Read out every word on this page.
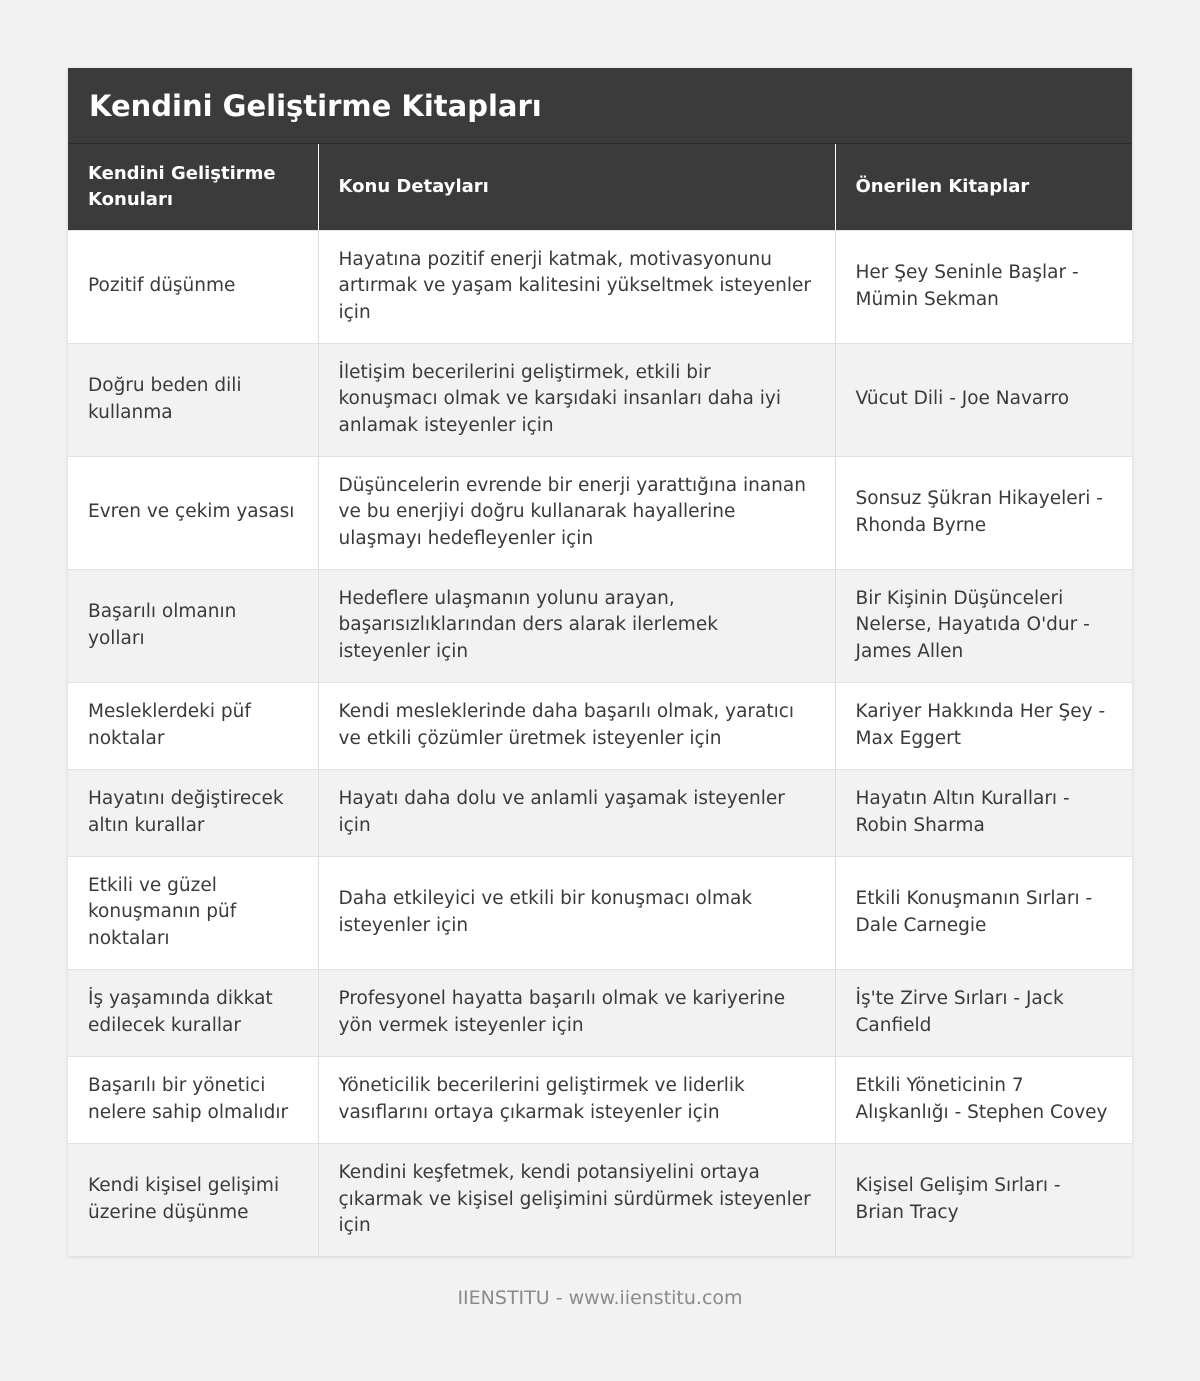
Kendini Geliştirme Kitapları
Kendini Geliştirme Konuları	Konu Detayları	Önerilen Kitaplar
Pozitif düşünme	Hayatına pozitif enerji katmak, motivasyonunu artırmak ve yaşam kalitesini yükseltmek isteyenler için	Her Şey Seninle Başlar - Mümin Sekman
Doğru beden dili kullanma	İletişim becerilerini geliştirmek, etkili bir konuşmacı olmak ve karşıdaki insanları daha iyi anlamak isteyenler için	Vücut Dili - Joe Navarro
Evren ve çekim yasası	Düşüncelerin evrende bir enerji yarattığına inanan ve bu enerjiyi doğru kullanarak hayallerine ulaşmayı hedefleyenler için	Sonsuz Şükran Hikayeleri - Rhonda Byrne
Başarılı olmanın yolları	Hedeflere ulaşmanın yolunu arayan, başarısızlıklarından ders alarak ilerlemek isteyenler için	Bir Kişinin Düşünceleri Nelerse, Hayatıda O'dur - James Allen
Mesleklerdeki püf noktalar	Kendi mesleklerinde daha başarılı olmak, yaratıcı ve etkili çözümler üretmek isteyenler için	Kariyer Hakkında Her Şey - Max Eggert
Hayatını değiştirecek altın kurallar	Hayatı daha dolu ve anlamli yaşamak isteyenler için	Hayatın Altın Kuralları - Robin Sharma
Etkili ve güzel konuşmanın püf noktaları	Daha etkileyici ve etkili bir konuşmacı olmak isteyenler için	Etkili Konuşmanın Sırları - Dale Carnegie
İş yaşamında dikkat edilecek kurallar	Profesyonel hayatta başarılı olmak ve kariyerine yön vermek isteyenler için	İş'te Zirve Sırları - Jack Canfield
Başarılı bir yönetici nelere sahip olmalıdır	Yöneticilik becerilerini geliştirmek ve liderlik vasıflarını ortaya çıkarmak isteyenler için	Etkili Yöneticinin 7 Alışkanlığı - Stephen Covey
Kendi kişisel gelişimi üzerine düşünme	Kendini keşfetmek, kendi potansiyelini ortaya çıkarmak ve kişisel gelişimini sürdürmek isteyenler için	Kişisel Gelişim Sırları - Brian Tracy
IIENSTITU - www.iienstitu.com
